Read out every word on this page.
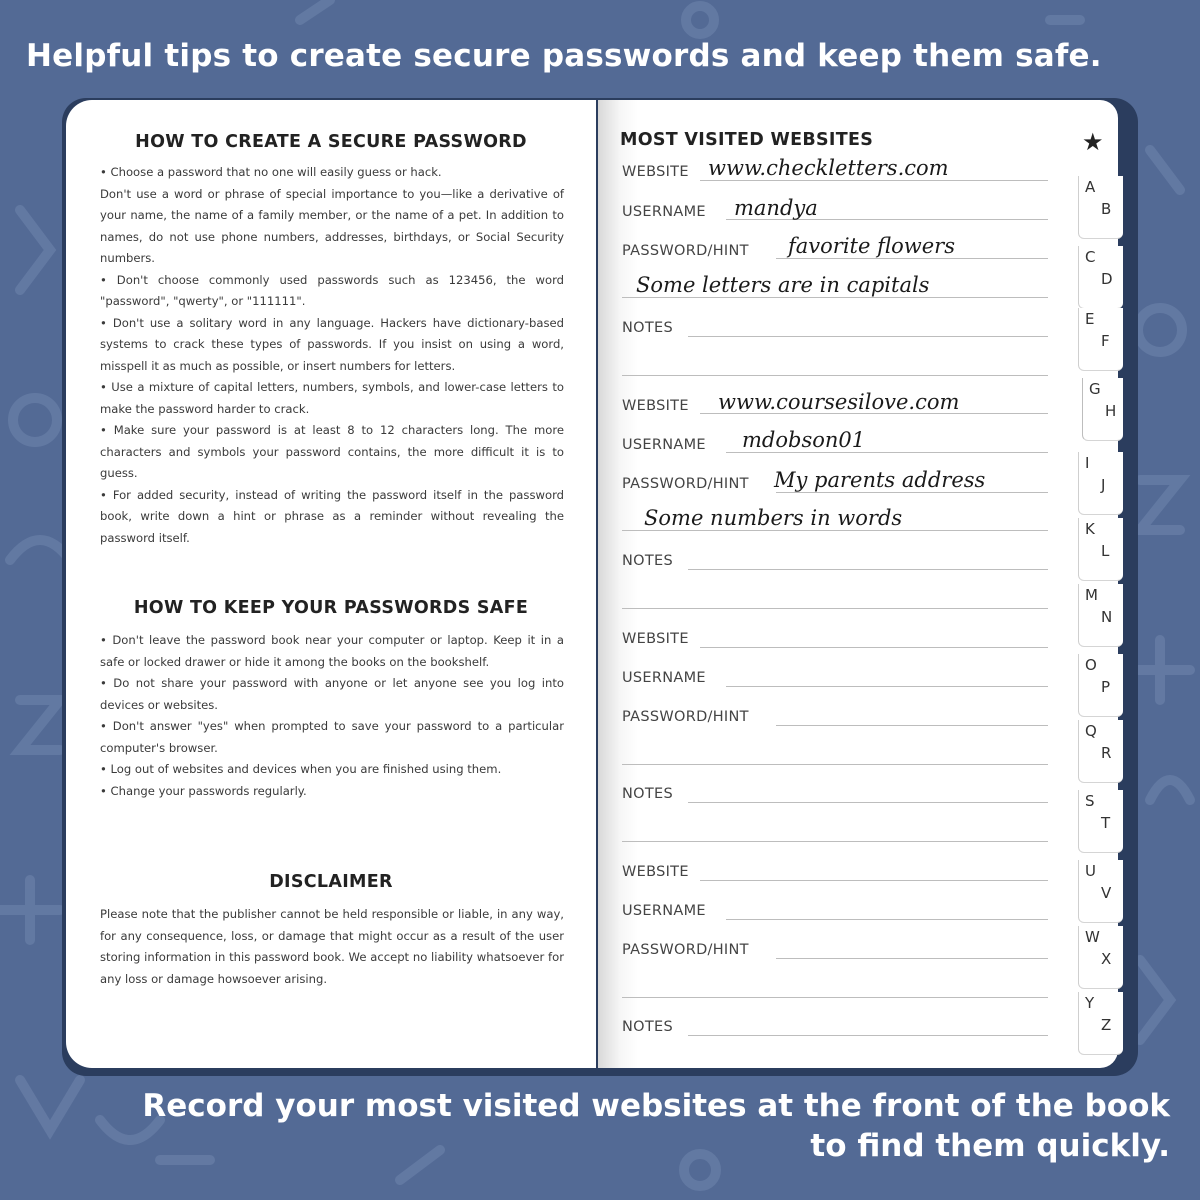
Helpful tips to create secure passwords and keep them safe.
HOW TO CREATE A SECURE PASSWORD

• Choose a password that no one will easily guess or hack.

Don't use a word or phrase of special importance to you—like a derivative of your name, the name of a family member, or the name of a pet. In addition to names, do not use phone numbers, addresses, birthdays, or Social Security numbers.

• Don't choose commonly used passwords such as 123456, the word "password", "qwerty", or "111111".

• Don't use a solitary word in any language. Hackers have dictionary-based systems to crack these types of passwords. If you insist on using a word, misspell it as much as possible, or insert numbers for letters.

• Use a mixture of capital letters, numbers, symbols, and lower-case letters to make the password harder to crack.

• Make sure your password is at least 8 to 12 characters long. The more characters and symbols your password contains, the more difficult it is to guess.

• For added security, instead of writing the password itself in the password book, write down a hint or phrase as a reminder without revealing the password itself.

HOW TO KEEP YOUR PASSWORDS SAFE

• Don't leave the password book near your computer or laptop. Keep it in a safe or locked drawer or hide it among the books on the bookshelf.

• Do not share your password with anyone or let anyone see you log into devices or websites.

• Don't answer "yes" when prompted to save your password to a particular computer's browser.

• Log out of websites and devices when you are finished using them.

• Change your passwords regularly.

DISCLAIMER

Please note that the publisher cannot be held responsible or liable, in any way, for any consequence, loss, or damage that might occur as a result of the user storing information in this password book. We accept no liability whatsoever for any loss or damage howsoever arising.

MOST VISITED WEBSITES	★
WEBSITE www.checkletters.com
USERNAME mandya
PASSWORD/HINT favorite flowers
Some letters are in capitals
NOTES
WEBSITE www.coursesilove.com
USERNAME mdobson01
PASSWORD/HINT My parents address
Some numbers in words
NOTES
WEBSITE
USERNAME
PASSWORD/HINT
NOTES
WEBSITE
USERNAME
PASSWORD/HINT
NOTES
A
B
C
D
E
F
G
H
I
J
K
L
M
N
O
P
Q
R
S
T
U
V
W
X
Y
Z
Record your most visited websites at the front of the book
to find them quickly.
